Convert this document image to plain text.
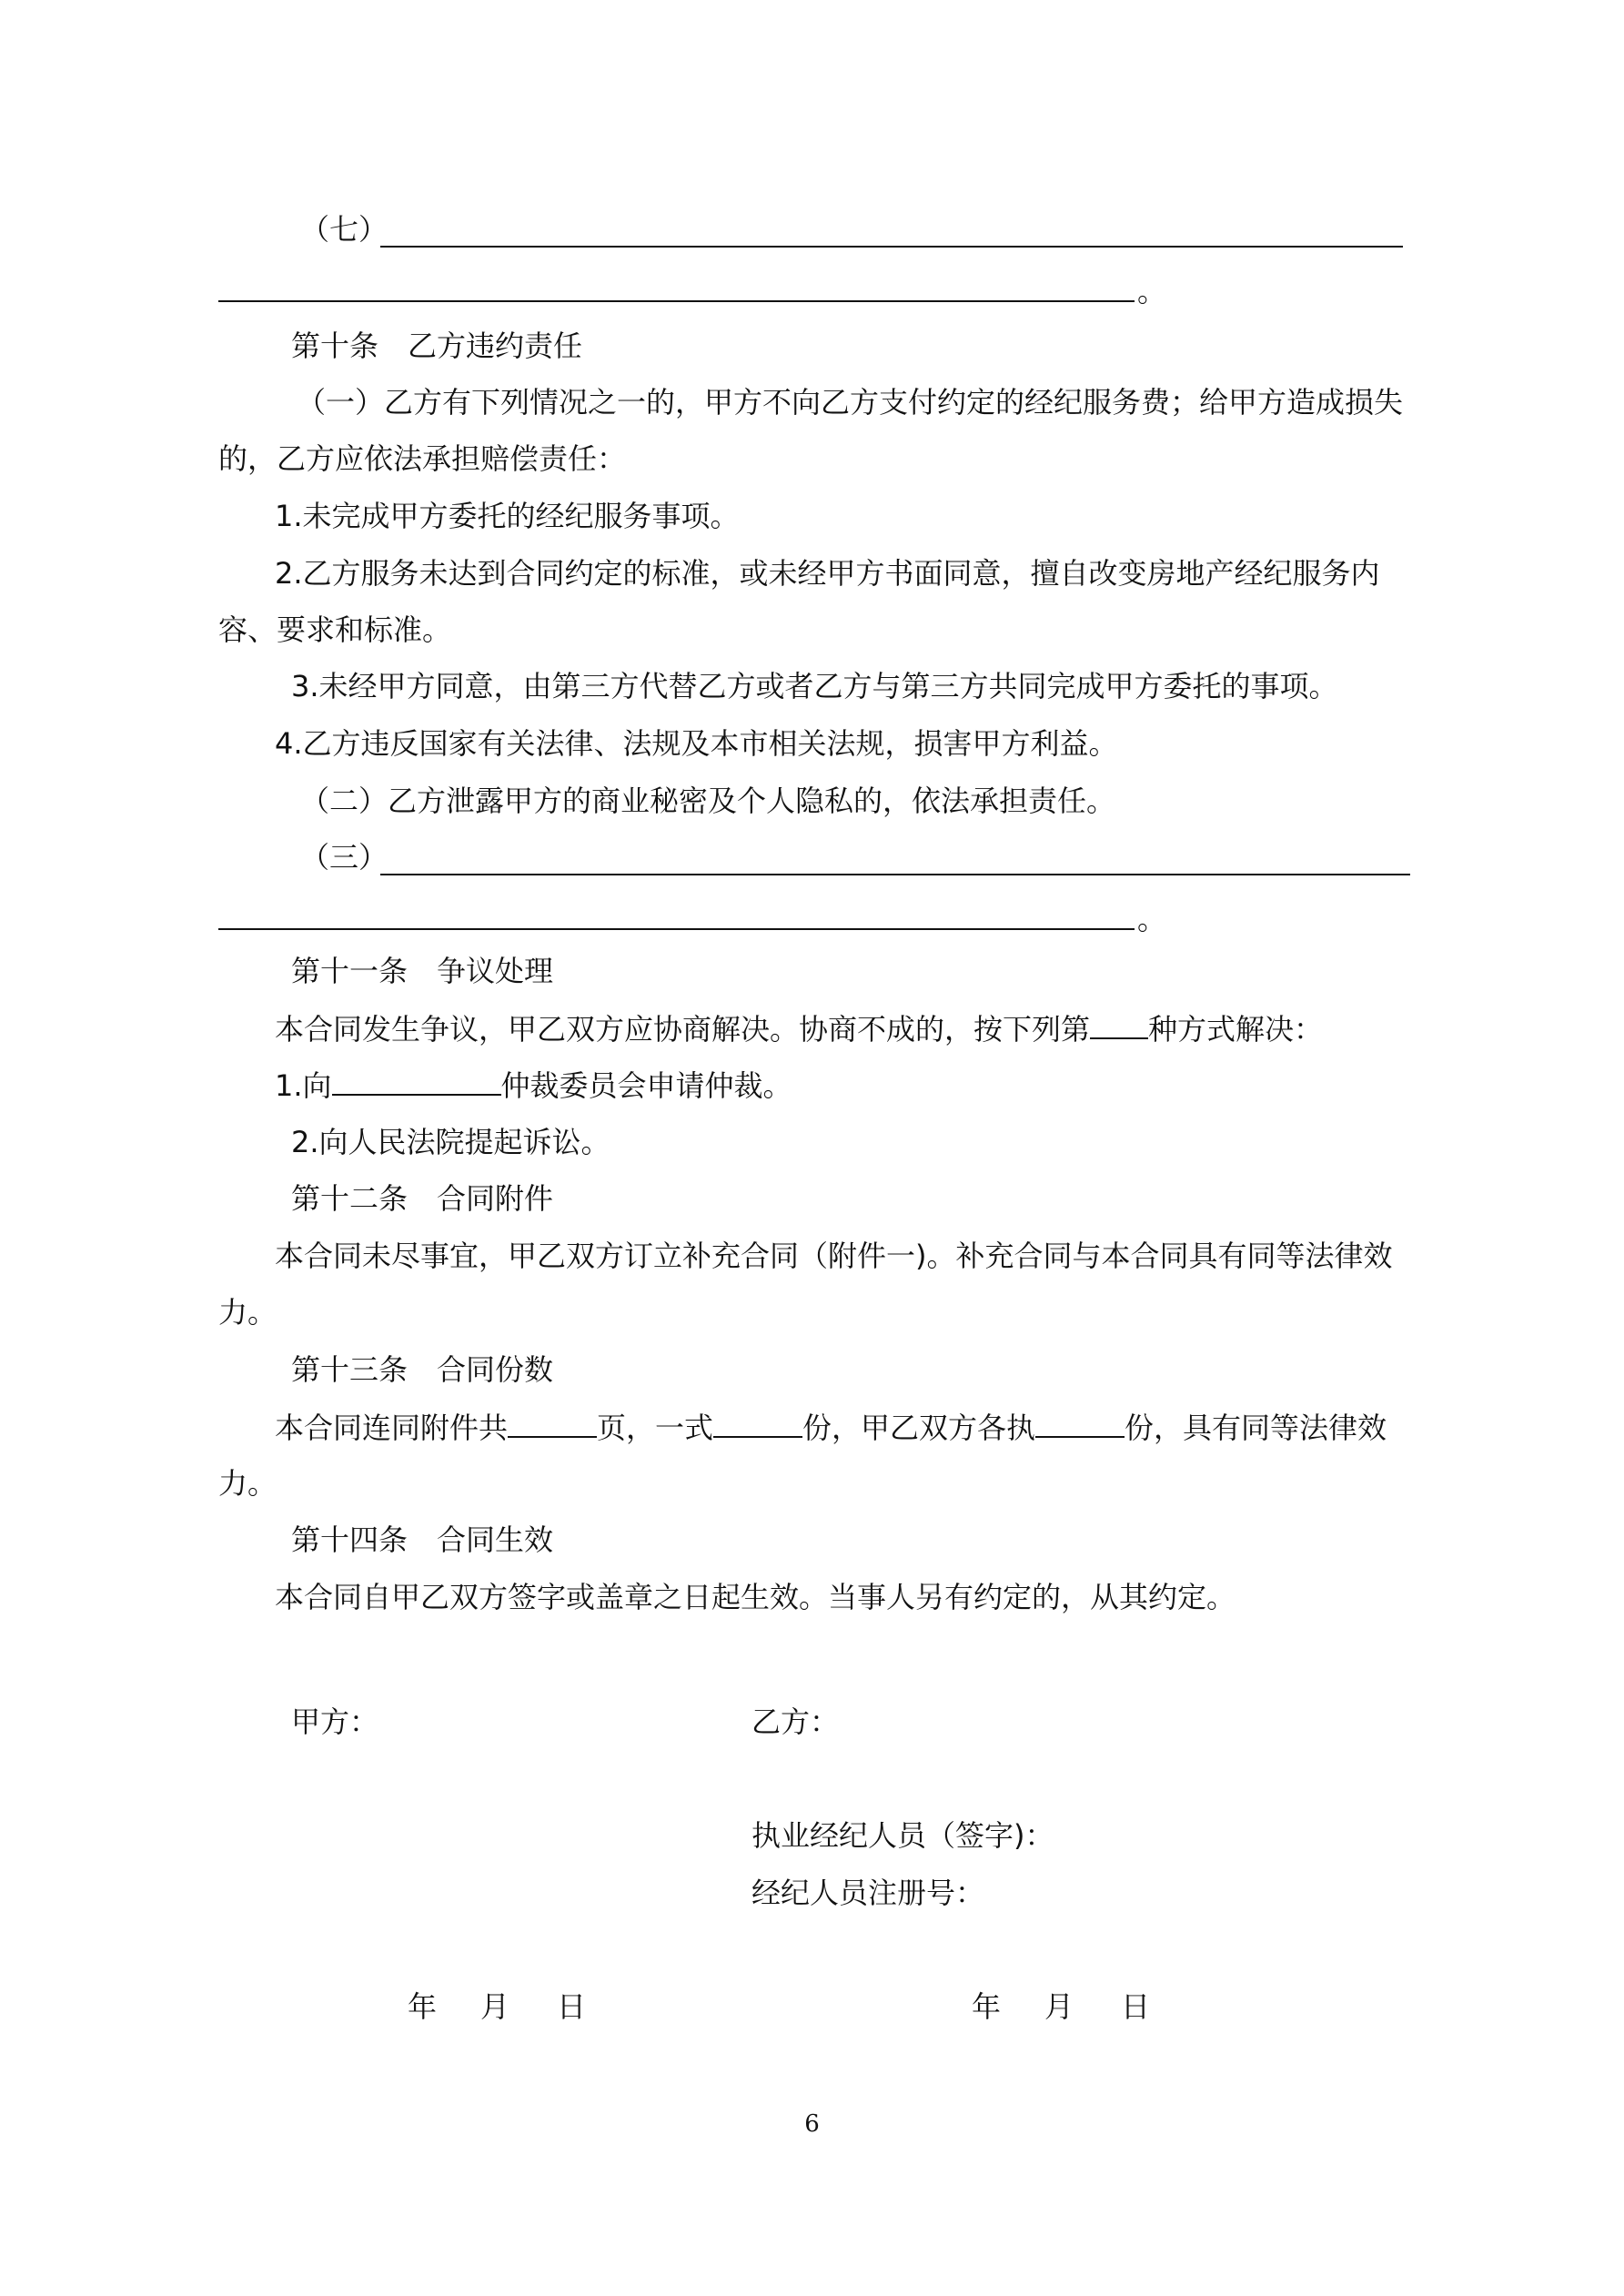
（七）
。
第十条　乙方违约责任
（一）乙方有下列情况之一的，甲方不向乙方支付约定的经纪服务费；给甲方造成损失
的，乙方应依法承担赔偿责任：
1.未完成甲方委托的经纪服务事项。
2.乙方服务未达到合同约定的标准，或未经甲方书面同意，擅自改变房地产经纪服务内
容、要求和标准。
3.未经甲方同意，由第三方代替乙方或者乙方与第三方共同完成甲方委托的事项。
4.乙方违反国家有关法律、法规及本市相关法规，损害甲方利益。
（二）乙方泄露甲方的商业秘密及个人隐私的，依法承担责任。
（三）
。
第十一条　争议处理
本合同发生争议，甲乙双方应协商解决。协商不成的，按下列第 种方式解决：
1.向	仲裁委员会申请仲裁。
2.向人民法院提起诉讼。
第十二条　合同附件
本合同未尽事宜，甲乙双方订立补充合同（附件一)。补充合同与本合同具有同等法律效
力。
第十三条　合同份数
本合同连同附件共	页，一式	份，甲乙双方各执	份，具有同等法律效
力。
第十四条　合同生效
本合同自甲乙双方签字或盖章之日起生效。当事人另有约定的，从其约定。
甲方：	乙方：
执业经纪人员（签字)：
经纪人员注册号：
年 月 日	年 月 日
6
